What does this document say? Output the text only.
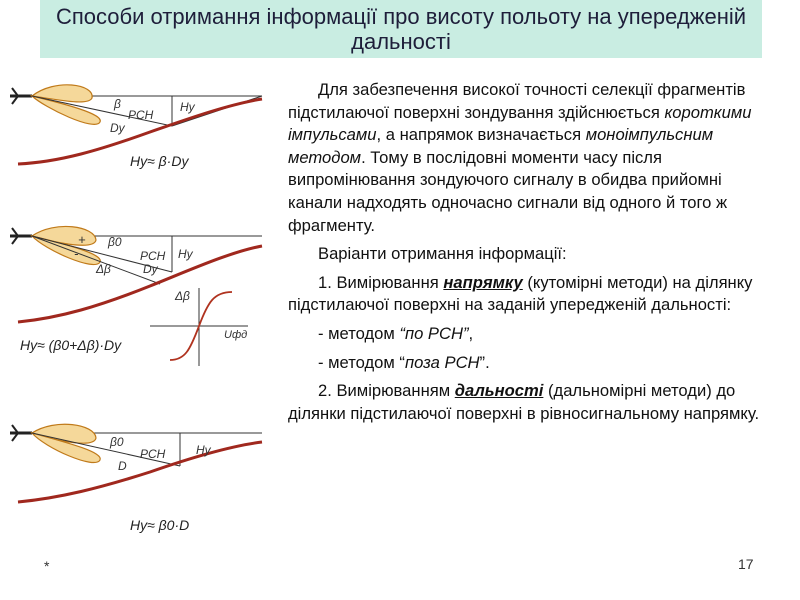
Способи отримання інформації про висоту польоту на упередженій дальності
β
РСН
Hу
Dу
Hу≈ β·Dу
+
-
β0
РСН Hу
Δβ	Dу
Δβ
Uфд
Hу≈ (β0+Δβ)·Dу
β0
РСН	Hу
D
Hу≈ β0·D

Для забезпечення високої точності селекції фрагментів підстилаючої поверхні зондування здійснюється короткими імпульсами, а напрямок визначається моноімпульсним методом. Тому в послідовні моменти часу після випромінювання зондуючого сигналу в обидва прийомні канали надходять одночасно сигнали від одного й того ж фрагменту.

Варіанти отримання інформації:

1. Вимірювання напрямку (кутомірні методи) на ділянку підстилаючої поверхні на заданій упередженій дальності:

- методом “по РСН”,

- методом “поза РСН”.

2. Вимірюванням дальності (дальномірні методи) до ділянки підстилаючої поверхні в рівносигнальному напрямку.

*	17
